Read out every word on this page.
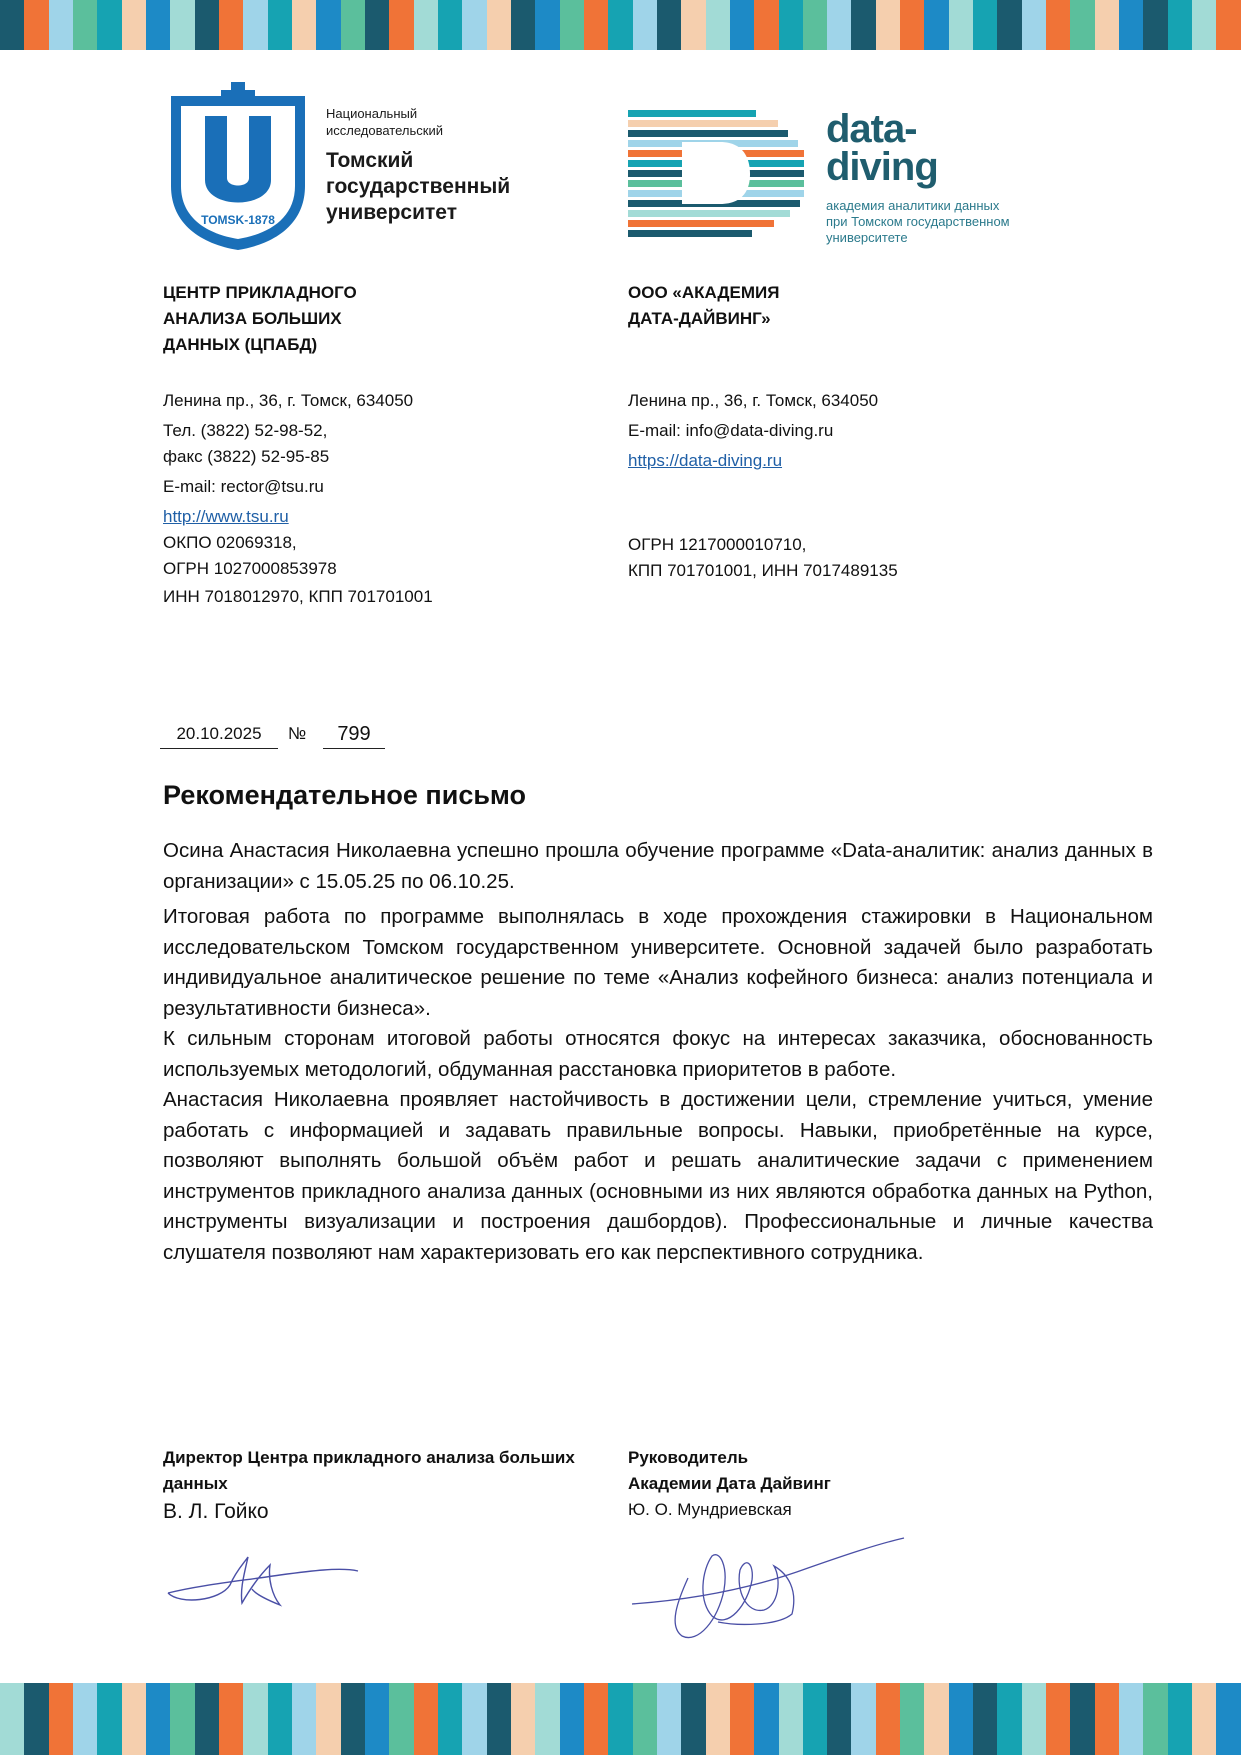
TOMSK-1878
Национальный
исследовательский
Томский
государственный
университет
data-
diving
академия аналитики данных
при Томском государственном
университете
ЦЕНТР ПРИКЛАДНОГО
АНАЛИЗА БОЛЬШИХ
ДАННЫХ (ЦПАБД)
ООО «АКАДЕМИЯ
ДАТА-ДАЙВИНГ»
Ленина пр., 36, г. Томск, 634050
Тел. (3822) 52-98-52,
факс (3822) 52-95-85
E-mail: rector@tsu.ru
http://www.tsu.ru
ОКПО 02069318,
ОГРН 1027000853978
ИНН 7018012970, КПП 701701001
Ленина пр., 36, г. Томск, 634050
E-mail: info@data-diving.ru
https://data-diving.ru
ОГРН 1217000010710,
КПП 701701001, ИНН 7017489135
20.10.2025	№	799
Рекомендательное письмо

Осина Анастасия Николаевна успешно прошла обучение программе «Data-аналитик: анализ данных в организации» с 15.05.25 по 06.10.25.

Итоговая работа по программе выполнялась в ходе прохождения стажировки в Национальном исследовательском Томском государственном университете. Основной задачей было разработать индивидуальное аналитическое решение по теме «Анализ кофейного бизнеса: анализ потенциала и результативности бизнеса».

К сильным сторонам итоговой работы относятся фокус на интересах заказчика, обоснованность используемых методологий, обдуманная расстановка приоритетов в работе.

Анастасия Николаевна проявляет настойчивость в достижении цели, стремление учиться, умение работать с информацией и задавать правильные вопросы. Навыки, приобретённые на курсе, позволяют выполнять большой объём работ и решать аналитические задачи с применением инструментов прикладного анализа данных (основными из них являются обработка данных на Python, инструменты визуализации и построения дашбордов). Профессиональные и личные качества слушателя позволяют нам характеризовать его как перспективного сотрудника.

Директор Центра прикладного анализа больших
данных
В. Л. Гойко
Руководитель
Академии Дата Дайвинг
Ю. О. Мундриевская
